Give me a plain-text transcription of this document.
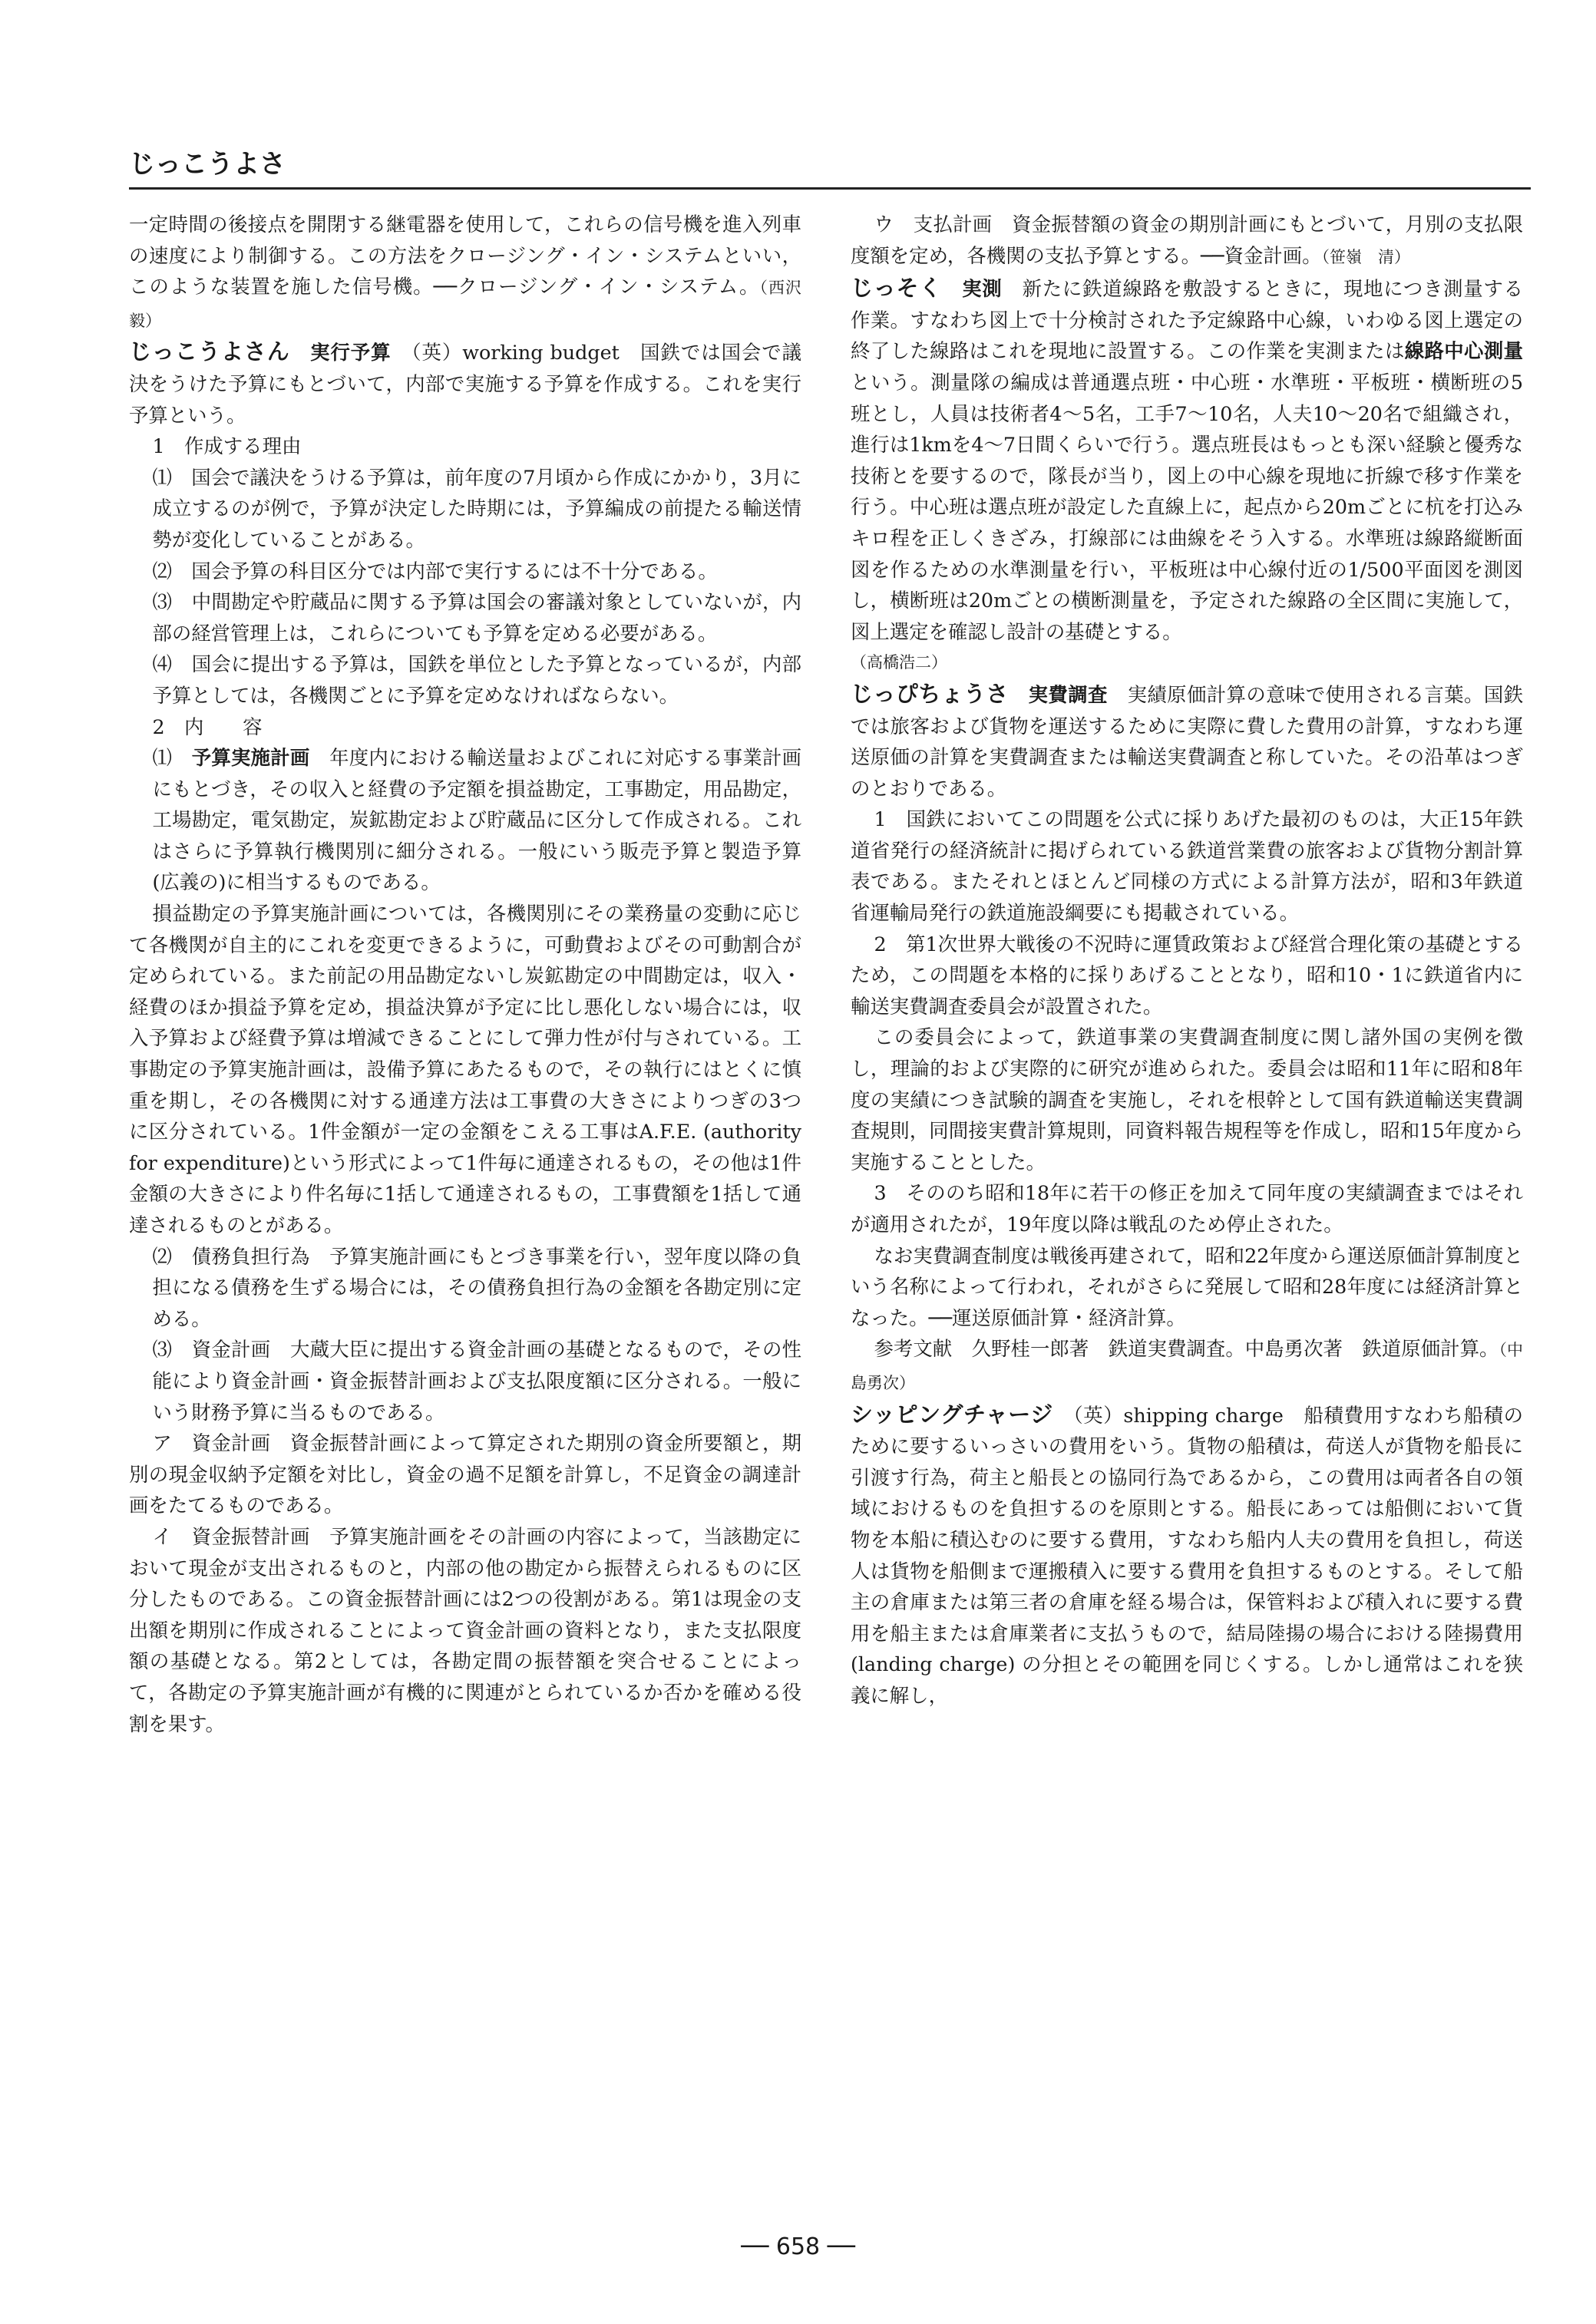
じっこうよさ

一定時間の後接点を開閉する継電器を使用して，これらの信号機を進入列車の速度により制御する。この方法をクロージング・イン・システムといい，このような装置を施した信号機。──クロージング・イン・システム。（西沢　毅）

じっこうよさん　 実行予算　 （英）working budget　国鉄では国会で議決をうけた予算にもとづいて，内部で実施する予算を作成する。これを実行予算という。

1　作成する理由

⑴　国会で議決をうける予算は，前年度の7月頃から作成にかかり，3月に成立するのが例で，予算が決定した時期には，予算編成の前提たる輸送情勢が変化していることがある。

⑵　国会予算の科目区分では内部で実行するには不十分である。

⑶　中間勘定や貯蔵品に関する予算は国会の審議対象としていないが，内部の経営管理上は，これらについても予算を定める必要がある。

⑷　国会に提出する予算は，国鉄を単位とした予算となっているが，内部予算としては，各機関ごとに予算を定めなければならない。

2　内　　容

⑴　 予算実施計画　年度内における輸送量およびこれに対応する事業計画にもとづき，その収入と経費の予定額を損益勘定，工事勘定，用品勘定，工場勘定，電気勘定，炭鉱勘定および貯蔵品に区分して作成される。これはさらに予算執行機関別に細分される。一般にいう販売予算と製造予算(広義の)に相当するものである。

損益勘定の予算実施計画については，各機関別にその業務量の変動に応じて各機関が自主的にこれを変更できるように，可動費およびその可動割合が定められている。また前記の用品勘定ないし炭鉱勘定の中間勘定は，収入・経費のほか損益予算を定め，損益決算が予定に比し悪化しない場合には，収入予算および経費予算は増減できることにして弾力性が付与されている。工事勘定の予算実施計画は，設備予算にあたるもので，その執行にはとくに慎重を期し，その各機関に対する通達方法は工事費の大きさによりつぎの3つに区分されている。1件金額が一定の金額をこえる工事はA.F.E. (authority for expenditure)という形式によって1件毎に通達されるもの，その他は1件金額の大きさにより件名毎に1括して通達されるもの，工事費額を1括して通達されるものとがある。

⑵　債務負担行為　予算実施計画にもとづき事業を行い，翌年度以降の負担になる債務を生ずる場合には，その債務負担行為の金額を各勘定別に定める。

⑶　資金計画　大蔵大臣に提出する資金計画の基礎となるもので，その性能により資金計画・資金振替計画および支払限度額に区分される。一般にいう財務予算に当るものである。

ア　資金計画　資金振替計画によって算定された期別の資金所要額と，期別の現金収納予定額を対比し，資金の過不足額を計算し，不足資金の調達計画をたてるものである。

イ　資金振替計画　予算実施計画をその計画の内容によって，当該勘定において現金が支出されるものと，内部の他の勘定から振替えられるものに区分したものである。この資金振替計画には2つの役割がある。第1は現金の支出額を期別に作成されることによって資金計画の資料となり，また支払限度額の基礎となる。第2としては，各勘定間の振替額を突合せることによって，各勘定の予算実施計画が有機的に関連がとられているか否かを確める役割を果す。

ウ　支払計画　資金振替額の資金の期別計画にもとづいて，月別の支払限度額を定め，各機関の支払予算とする。──資金計画。（笹嶺　清）

じっそく　 実測　新たに鉄道線路を敷設するときに，現地につき測量する作業。すなわち図上で十分検討された予定線路中心線，いわゆる図上選定の終了した線路はこれを現地に設置する。この作業を実測または線路中心測量という。測量隊の編成は普通選点班・中心班・水準班・平板班・横断班の5班とし，人員は技術者4～5名，工手7～10名，人夫10～20名で組織され，進行は1kmを4～7日間くらいで行う。選点班長はもっとも深い経験と優秀な技術とを要するので，隊長が当り，図上の中心線を現地に折線で移す作業を行う。中心班は選点班が設定した直線上に，起点から20mごとに杭を打込みキロ程を正しくきざみ，打線部には曲線をそう入する。水準班は線路縦断面図を作るための水準測量を行い，平板班は中心線付近の1/500平面図を測図し，横断班は20mごとの横断測量を，予定された線路の全区間に実施して，図上選定を確認し設計の基礎とする。

（高橋浩二）

じっぴちょうさ　 実費調査　実績原価計算の意味で使用される言葉。国鉄では旅客および貨物を運送するために実際に費した費用の計算，すなわち運送原価の計算を実費調査または輸送実費調査と称していた。その沿革はつぎのとおりである。

1　国鉄においてこの問題を公式に採りあげた最初のものは，大正15年鉄道省発行の経済統計に掲げられている鉄道営業費の旅客および貨物分割計算表である。またそれとほとんど同様の方式による計算方法が，昭和3年鉄道省運輸局発行の鉄道施設綱要にも掲載されている。

2　第1次世界大戦後の不況時に運賃政策および経営合理化策の基礎とするため，この問題を本格的に採りあげることとなり，昭和10・1に鉄道省内に輸送実費調査委員会が設置された。

この委員会によって，鉄道事業の実費調査制度に関し諸外国の実例を徴し，理論的および実際的に研究が進められた。委員会は昭和11年に昭和8年度の実績につき試験的調査を実施し，それを根幹として国有鉄道輸送実費調査規則，同間接実費計算規則，同資料報告規程等を作成し，昭和15年度から実施することとした。

3　そののち昭和18年に若干の修正を加えて同年度の実績調査まではそれが適用されたが，19年度以降は戦乱のため停止された。

なお実費調査制度は戦後再建されて，昭和22年度から運送原価計算制度という名称によって行われ，それがさらに発展して昭和28年度には経済計算となった。──運送原価計算・経済計算。

参考文献　久野桂一郎著　鉄道実費調査。中島勇次著　鉄道原価計算。（中島勇次）

シッピングチャージ　 （英）shipping charge　船積費用すなわち船積のために要するいっさいの費用をいう。貨物の船積は，荷送人が貨物を船長に引渡す行為，荷主と船長との協同行為であるから，この費用は両者各自の領域におけるものを負担するのを原則とする。船長にあっては船側において貨物を本船に積込むのに要する費用，すなわち船内人夫の費用を負担し，荷送人は貨物を船側まで運搬積入に要する費用を負担するものとする。そして船主の倉庫または第三者の倉庫を経る場合は，保管料および積入れに要する費用を船主または倉庫業者に支払うもので，結局陸揚の場合における陸揚費用 (landing charge) の分担とその範囲を同じくする。しかし通常はこれを狭義に解し，

── 658 ──
